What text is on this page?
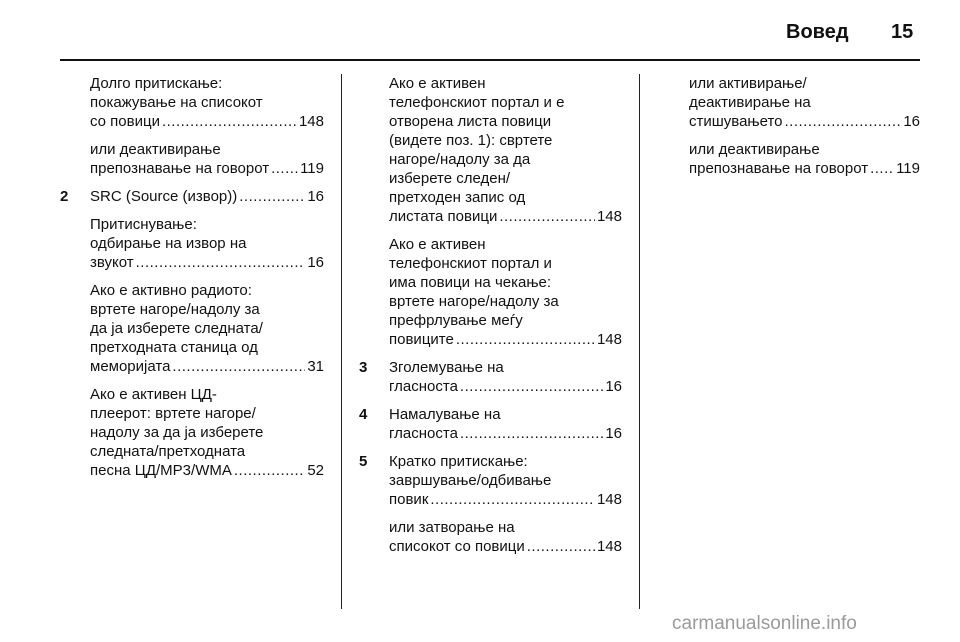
Вовед 15
Долго притискање:
покажување на списокот
со повици .....	148
или деактивирање
препознавање на говорот ..... 119
2 SRC (Source (извор)) .....	16
Притиснување:
одбирање на извор на
звукот .....	16
Ако е активно радиото:
вртете нагоре/надолу за
да ја изберете следната/
претходната станица од
меморијата .....	31
Ако е активен ЦД-
плеерот: вртете нагоре/
надолу за да ја изберете
следната/претходната
песна ЦД/MP3/WMA .....	52
Ако е активен
телефонскиот портал и е
отворена листа повици
(видете поз. 1): свртете
нагоре/надолу за да
изберете следен/
претходен запис од
листата повици .....	148
Ако е активен
телефонскиот портал и
има повици на чекање:
вртете нагоре/надолу за
префрлување меѓу
повиците .....	148
3 Зголемување на
гласноста .....	16
4 Намалување на
гласноста .....	16
5 Кратко притискање:
завршување/одбивање
повик .....	148
или затворање на
списокот со повици .....	148
или активирање/
деактивирање на
стишувањето .....	16
или деактивирање
препознавање на говорот ..... 119
carmanualsonline.info
